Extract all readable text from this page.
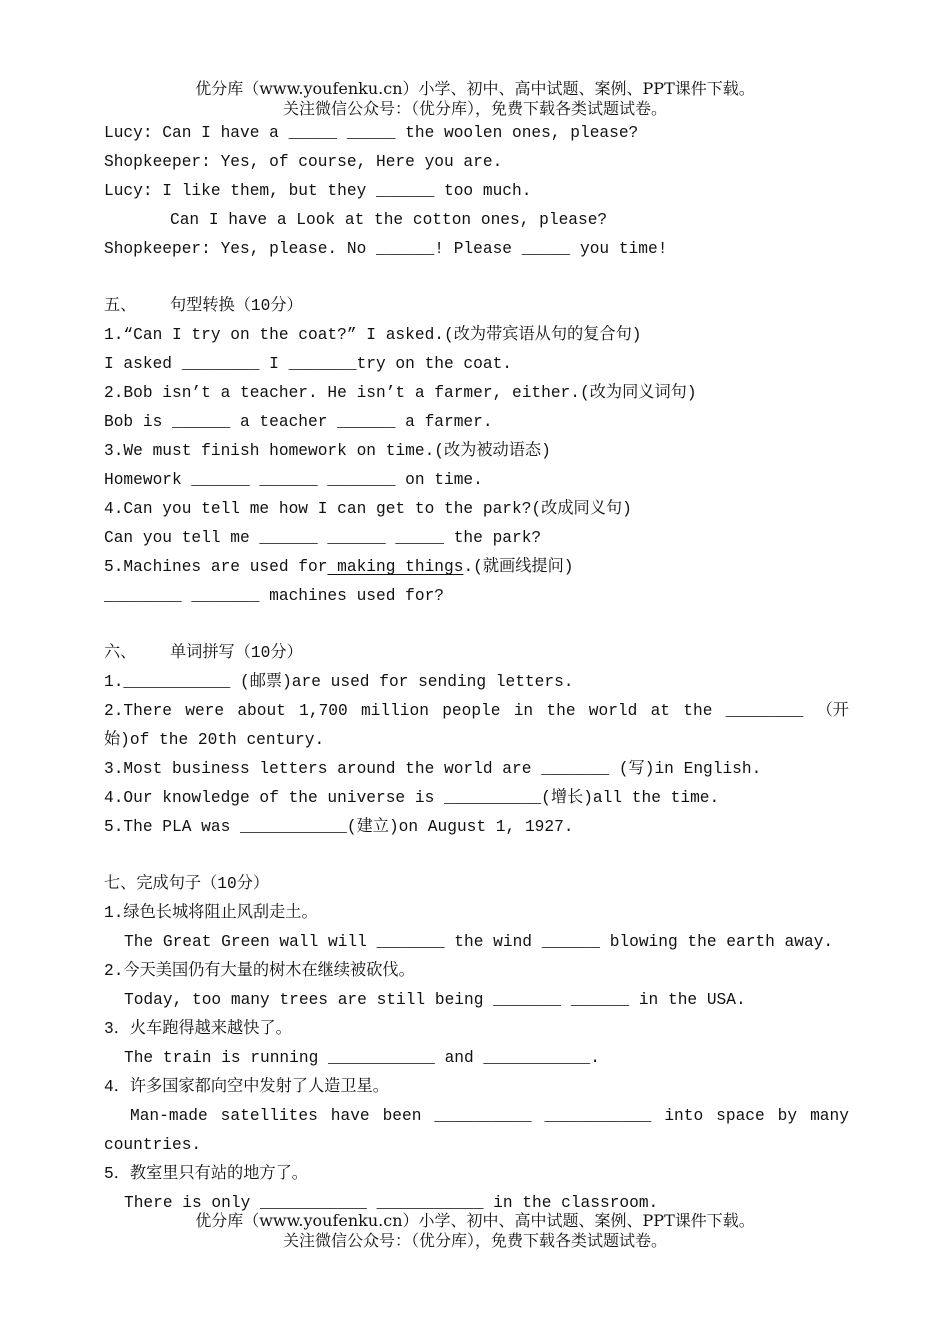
优分库（www.youfenku.cn）小学、初中、高中试题、案例、PPT课件下载。
关注微信公众号：（优分库），免费下载各类试题试卷。
Lucy: Can I have a _____ _____ the woolen ones, please?
Shopkeeper: Yes, of course, Here you are.
Lucy: I like them, but they ______ too much.
Can I have a Look at the cotton ones, please?
Shopkeeper: Yes, please. No ______! Please _____ you time!
五、	句型转换（10分）
1.“Can I try on the coat?” I asked.(改为带宾语从句的复合句)
I asked ________ I _______try on the coat.
2.Bob isn’t a teacher. He isn’t a farmer, either.(改为同义词句)
Bob is ______ a teacher ______ a farmer.
3.We must finish homework on time.(改为被动语态)
Homework ______ ______ _______ on time.
4.Can you tell me how I can get to the park?(改成同义句)
Can you tell me ______ ______ _____ the park?
5.Machines are used for making things.(就画线提问)
________ _______ machines used for?
六、	单词拼写（10分）
1.___________ (邮票)are used for sending letters.
2.There were about 1,700 million people in the world at the ________ （开
始)of the 20th century.
3.Most business letters around the world are _______ (写)in English.
4.Our knowledge of the universe is __________(增长)all the time.
5.The PLA was ___________(建立)on August 1, 1927.
七、完成句子（10分）
1.绿色长城将阻止风刮走土。
The Great Green wall will _______ the wind ______ blowing the earth away.
2.今天美国仍有大量的树木在继续被砍伐。
Today, too many trees are still being _______ ______ in the USA.
3．火车跑得越来越快了。
The train is running ___________ and ___________.
4．许多国家都向空中发射了人造卫星。
Man-made satellites have been __________ ___________ into space by many
countries.
5．教室里只有站的地方了。
There is only ___________ ___________ in the classroom.
优分库（www.youfenku.cn）小学、初中、高中试题、案例、PPT课件下载。
关注微信公众号：（优分库），免费下载各类试题试卷。
